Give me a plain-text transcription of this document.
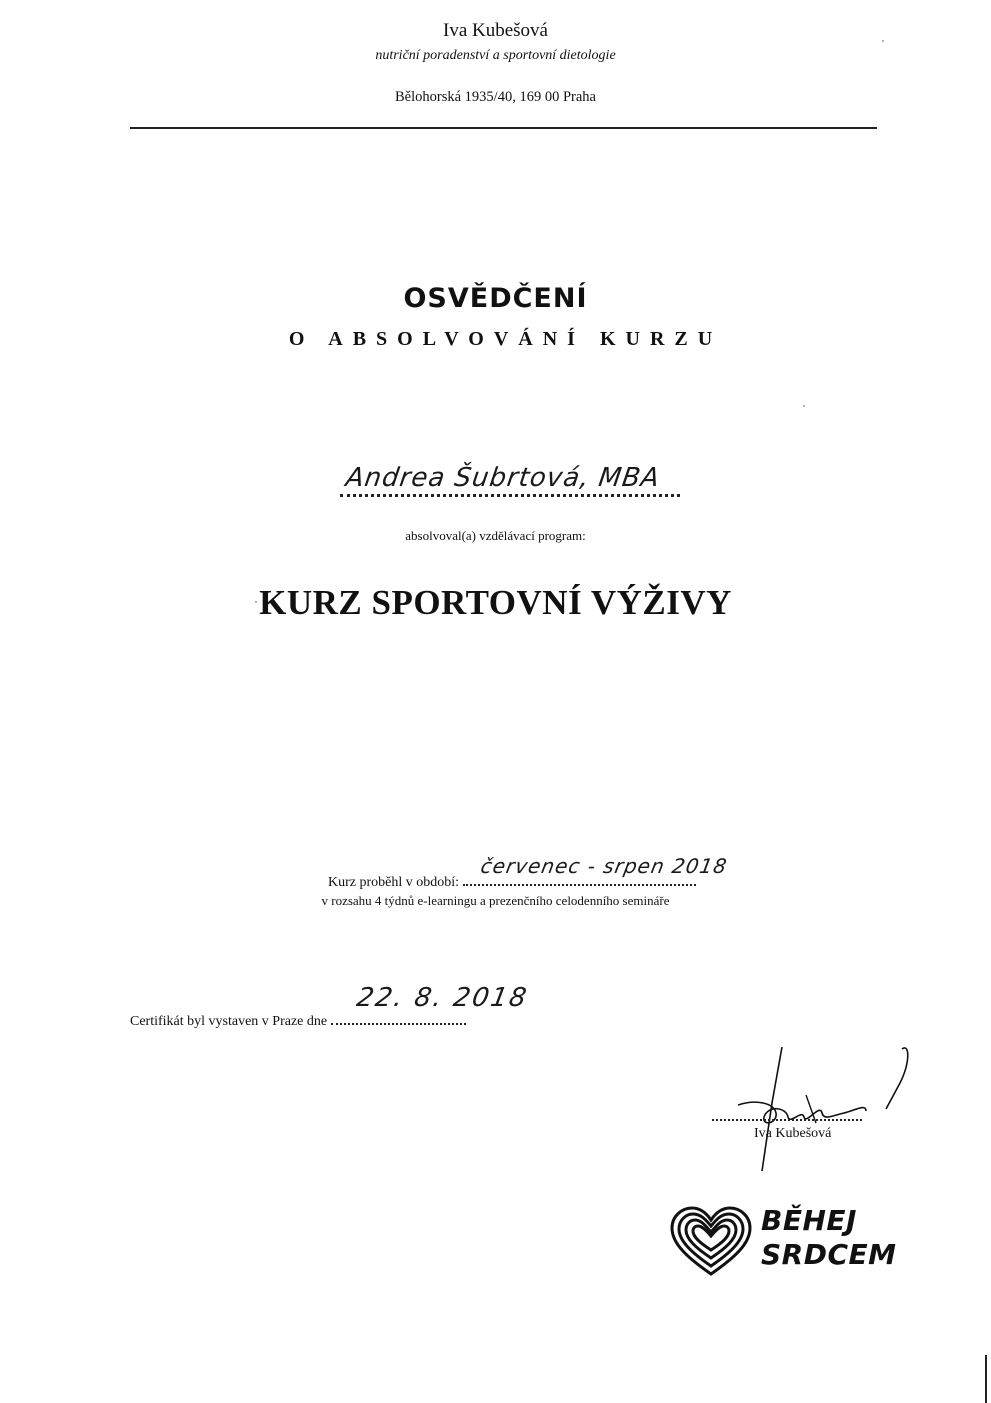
Iva Kubešová
nutriční poradenství a sportovní dietologie
Bělohorská 1935/40, 169 00 Praha
OSVĚDČENÍ
O ABSOLVOVÁNÍ KURZU
Andrea Šubrtová, MBA
absolvoval(a) vzdělávací program:
KURZ SPORTOVNÍ VÝŽIVY
Kurz proběhl v období:
červenec - srpen 2018
v rozsahu 4 týdnů e-learningu a prezenčního celodenního semináře
Certifikát byl vystaven v Praze dne
22. 8. 2018
Iva Kubešová
BĚHEJ
SRDCEM
